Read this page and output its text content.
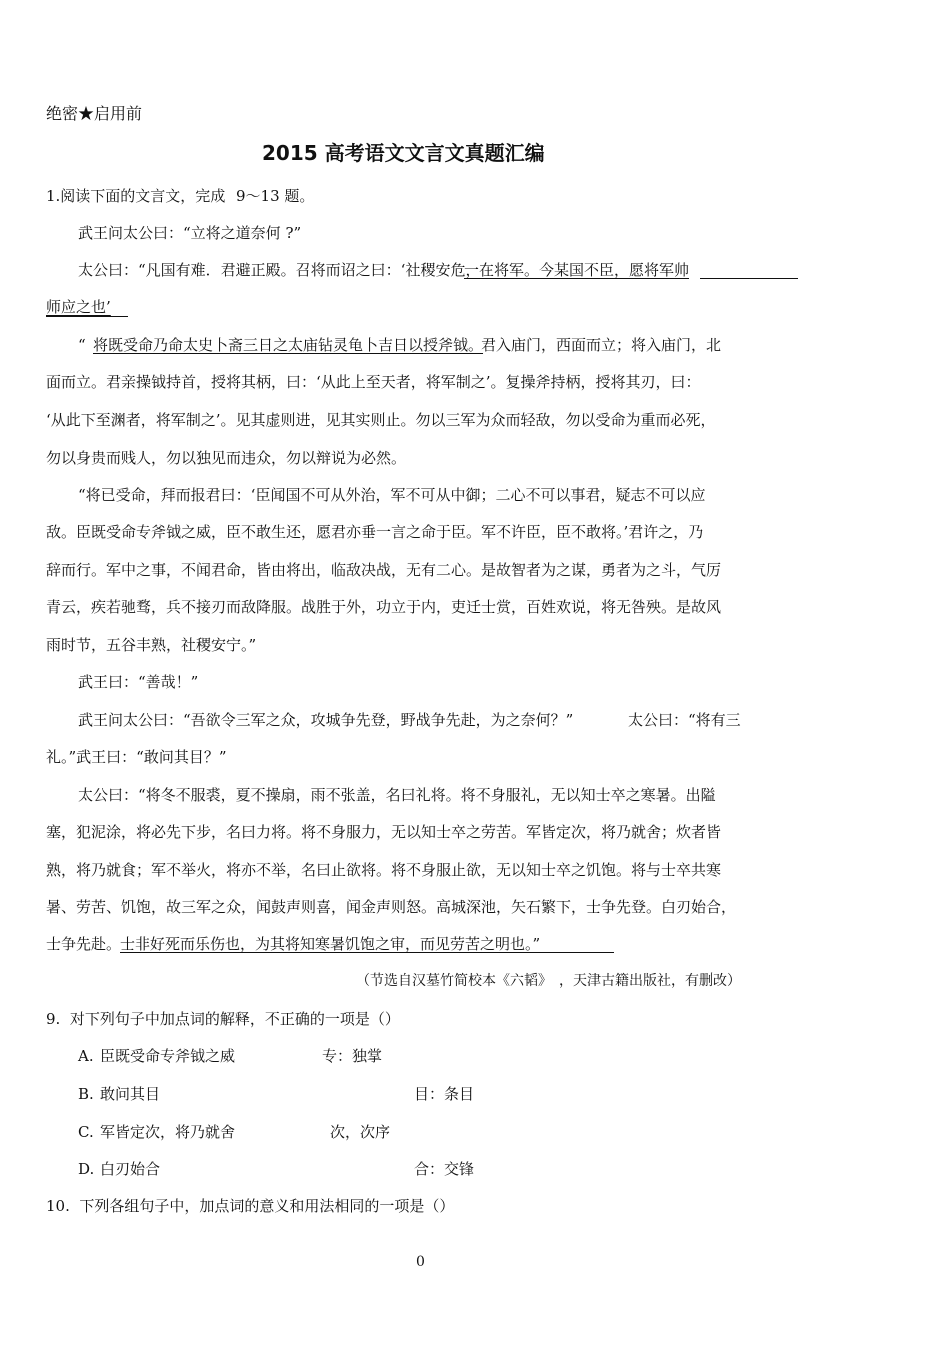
绝密★启用前
2015 高考语文文言文真题汇编
1.阅读下面的文言文，完成 9～13 题。
武王问太公曰：“立将之道奈何 ?”
太公曰：“凡国有难．君避正殿。召将而诏之曰：‘社稷安危，
一在将军。今某国不臣，愿将军帅
师应之也’
“ 将既受命乃命太史卜斋三日之太庙钻灵龟卜吉日以授斧钺。
君入庙门，西面而立；将入庙门，北
面而立。君亲操钺持首，授将其柄，曰：‘从此上至天者，将军制之’。复操斧持柄，授将其刃，曰：
‘从此下至渊者，将军制之’。见其虚则进，见其实则止。勿以三军为众而轻敌，勿以受命为重而必死，
勿以身贵而贱人，勿以独见而违众，勿以辩说为必然。
“将已受命，拜而报君曰：‘臣闻国不可从外治，军不可从中御；二心不可以事君，疑志不可以应
敌。臣既受命专斧钺之威，臣不敢生还，愿君亦垂一言之命于臣。军不许臣，臣不敢将。’君许之，乃
辞而行。军中之事，不闻君命，皆由将出，临敌决战，无有二心。是故智者为之谋，勇者为之斗，气厉
青云，疾若驰骛，兵不接刃而敌降服。战胜于外，功立于内，吏迁士赏，百姓欢说，将无咎殃。是故风
雨时节，五谷丰熟，社稷安宁。”
武王曰：“善哉！”
武王问太公曰：“吾欲令三军之众，攻城争先登，野战争先赴，为之奈何？”	太公曰：“将有三
礼。”武王曰：“敢问其目？”
太公曰：“将冬不服裘，夏不操扇，雨不张盖，名曰礼将。将不身服礼，无以知士卒之寒暑。出隘
塞，犯泥涂，将必先下步，名曰力将。将不身服力，无以知士卒之劳苦。军皆定次，将乃就舍；炊者皆
熟，将乃就食；军不举火，将亦不举，名曰止欲将。将不身服止欲，无以知士卒之饥饱。将与士卒共寒
暑、劳苦、饥饱，故三军之众，闻鼓声则喜，闻金声则怒。高城深池，矢石繁下，士争先登。白刃始合，
士争先赴。
士非好死而乐伤也，为其将知寒暑饥饱之审，而见劳苦之明也。”
（节选自汉墓竹简校本《六韬》　，天津古籍出版社，有删改）
9.  对下列句子中加点词的解释，不正确的一项是（）
A. 臣既受命专斧钺之威	专：独掌
B. 敢问其目	目：条目
C. 军皆定次，将乃就舍	次，次序
D. 白刃始合	合：交锋
10.  下列各组句子中，加点词的意义和用法相同的一项是（）
0
